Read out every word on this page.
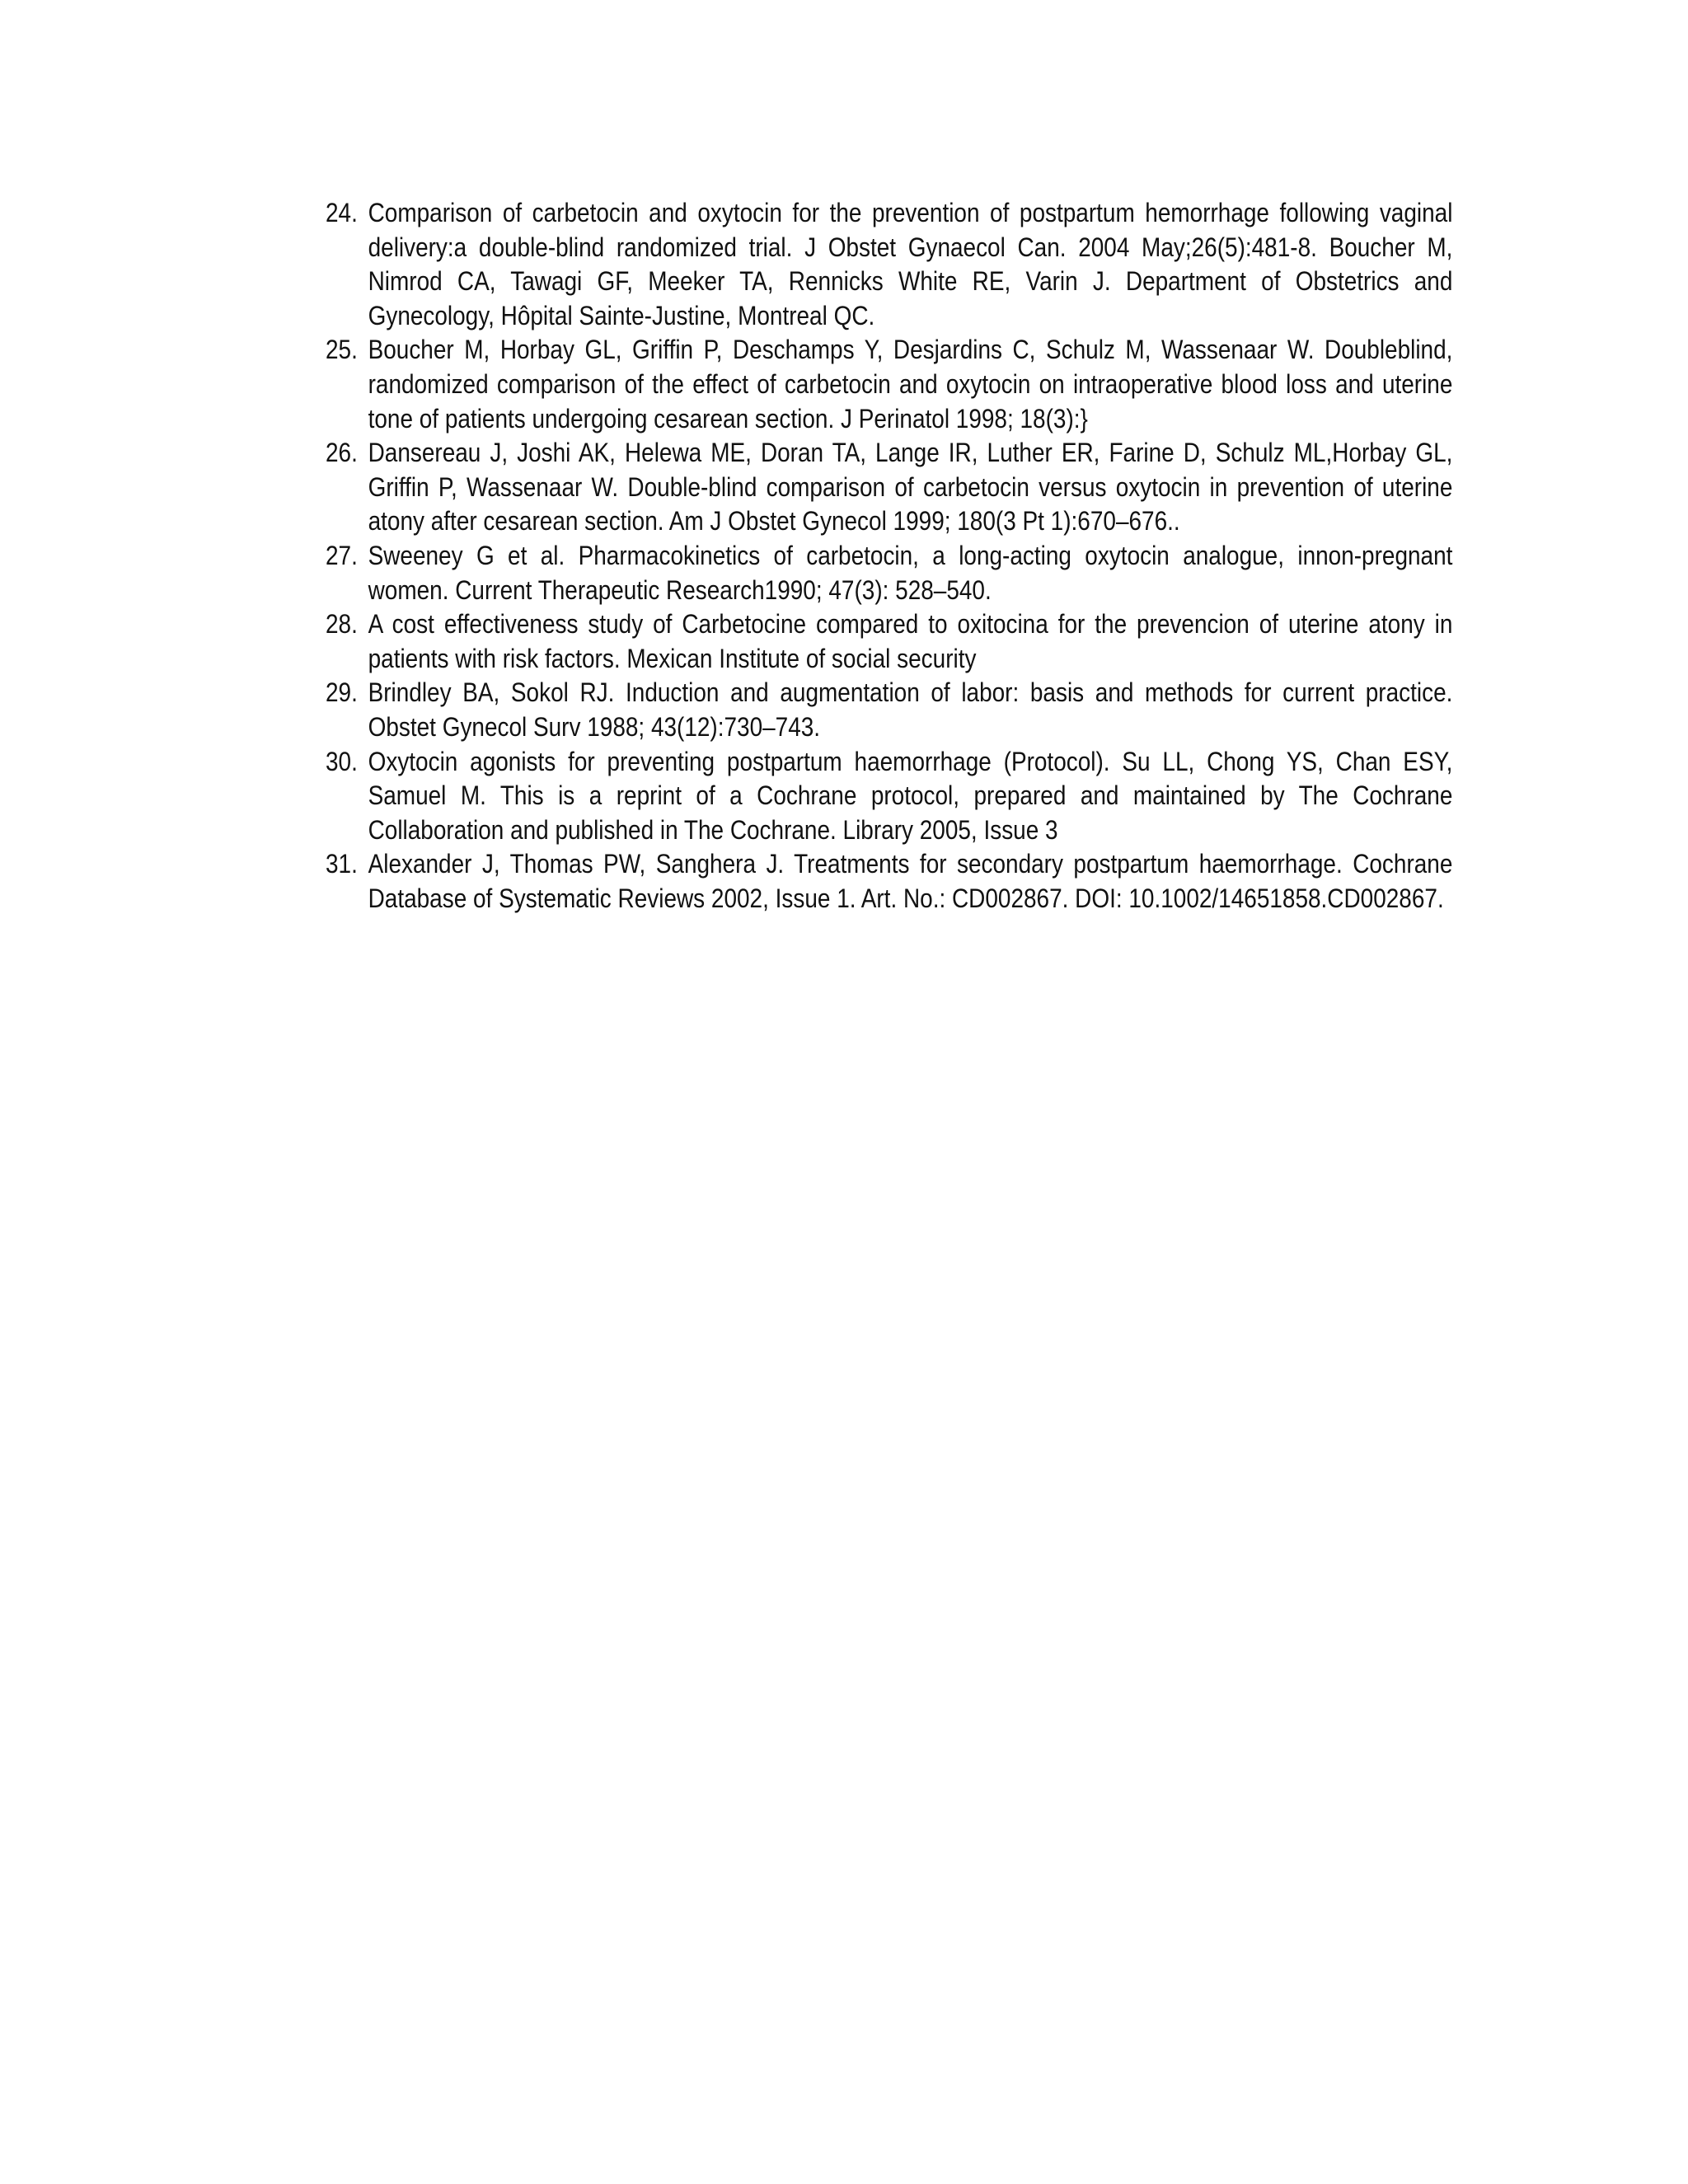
24. Comparison of carbetocin and oxytocin for the prevention of postpartum hemorrhage following vaginal delivery:a double-blind randomized trial. J Obstet Gynaecol Can. 2004 May;26(5):481-8. Boucher M, Nimrod CA, Tawagi GF, Meeker TA, Rennicks White RE, Varin J. Department of Obstetrics and Gynecology, Hôpital Sainte-Justine, Montreal QC.
25. Boucher M, Horbay GL, Griffin P, Deschamps Y, Desjardins C, Schulz M, Wassenaar W. Doubleblind, randomized comparison of the effect of carbetocin and oxytocin on intraoperative blood loss and uterine tone of patients undergoing cesarean section. J Perinatol 1998; 18(3):}
26. Dansereau J, Joshi AK, Helewa ME, Doran TA, Lange IR, Luther ER, Farine D, Schulz ML,Horbay GL, Griffin P, Wassenaar W. Double-blind comparison of carbetocin versus oxytocin in prevention of uterine atony after cesarean section. Am J Obstet Gynecol 1999; 180(3 Pt 1):670–676..
27. Sweeney G et al. Pharmacokinetics of carbetocin, a long-acting oxytocin analogue, innon-pregnant women. Current Therapeutic Research1990; 47(3): 528–540.
28. A cost effectiveness study of Carbetocine compared to oxitocina for the prevencion of uterine atony in patients with risk factors. Mexican Institute of social security
29. Brindley BA, Sokol RJ. Induction and augmentation of labor: basis and methods for current practice. Obstet Gynecol Surv 1988; 43(12):730–743.
30. Oxytocin agonists for preventing postpartum haemorrhage (Protocol). Su LL, Chong YS, Chan ESY, Samuel M. This is a reprint of a Cochrane protocol, prepared and maintained by The Cochrane Collaboration and published in The Cochrane. Library 2005, Issue 3
31. Alexander J, Thomas PW, Sanghera J. Treatments for secondary postpartum haemorrhage. Cochrane Database of Systematic Reviews 2002, Issue 1. Art. No.: CD002867. DOI: 10.1002/14651858.CD002867.
